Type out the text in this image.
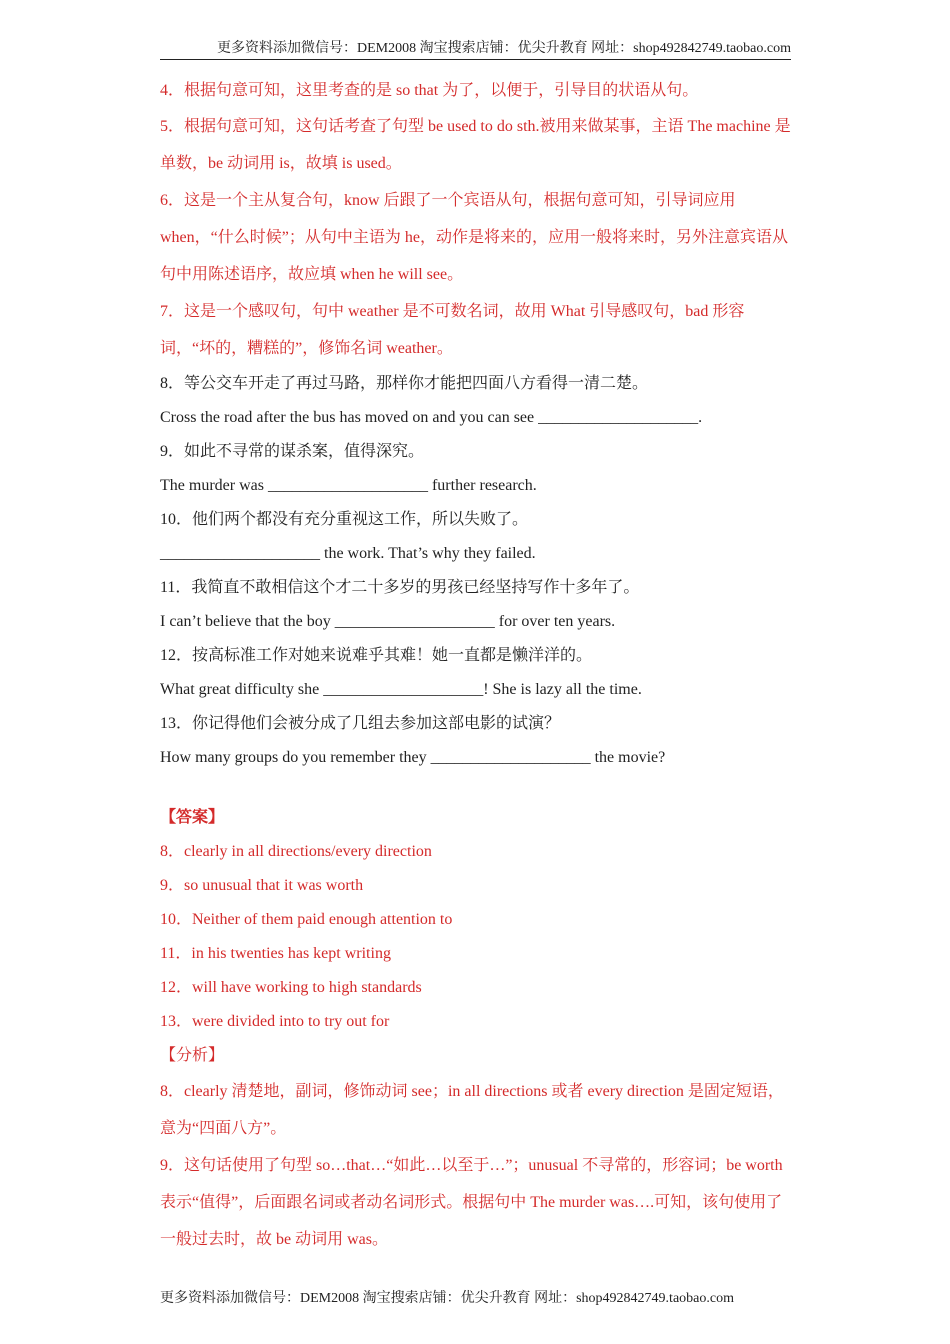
更多资料添加微信号：DEM2008 淘宝搜索店铺：优尖升教育 网址：shop492842749.taobao.com
4．根据句意可知，这里考查的是 so that 为了，以便于，引导目的状语从句。
5．根据句意可知，这句话考查了句型 be used to do sth.被用来做某事，主语 The machine 是单数，be 动词用 is，故填 is used。
6．这是一个主从复合句，know 后跟了一个宾语从句，根据句意可知，引导词应用 when，“什么时候”；从句中主语为 he，动作是将来的，应用一般将来时，另外注意宾语从句中用陈述语序，故应填 when he will see。
7．这是一个感叹句，句中 weather 是不可数名词，故用 What 引导感叹句，bad 形容词，“坏的，糟糕的”，修饰名词 weather。
8．等公交车开走了再过马路，那样你才能把四面八方看得一清二楚。
Cross the road after the bus has moved on and you can see ____________________.
9．如此不寻常的谋杀案，值得深究。
The murder was ____________________ further research.
10．他们两个都没有充分重视这工作，所以失败了。
____________________ the work. That’s why they failed.
11．我简直不敢相信这个才二十多岁的男孩已经坚持写作十多年了。
I can’t believe that the boy ____________________ for over ten years.
12．按高标准工作对她来说难乎其难！她一直都是懒洋洋的。
What great difficulty she ____________________! She is lazy all the time.
13．你记得他们会被分成了几组去参加这部电影的试演？
How many groups do you remember they ____________________ the movie?
【答案】
8．clearly in all directions/every direction
9．so unusual that it was worth
10．Neither of them paid enough attention to
11．in his twenties has kept writing
12．will have working to high standards
13．were divided into to try out for
【分析】
8．clearly 清楚地，副词，修饰动词 see；in all directions 或者 every direction 是固定短语，意为“四面八方”。
9．这句话使用了句型 so…that…“如此…以至于…”；unusual 不寻常的，形容词；be worth 表示“值得”，后面跟名词或者动名词形式。根据句中 The murder was….可知，该句使用了一般过去时，故 be 动词用 was。
更多资料添加微信号：DEM2008 淘宝搜索店铺：优尖升教育 网址：shop492842749.taobao.com
